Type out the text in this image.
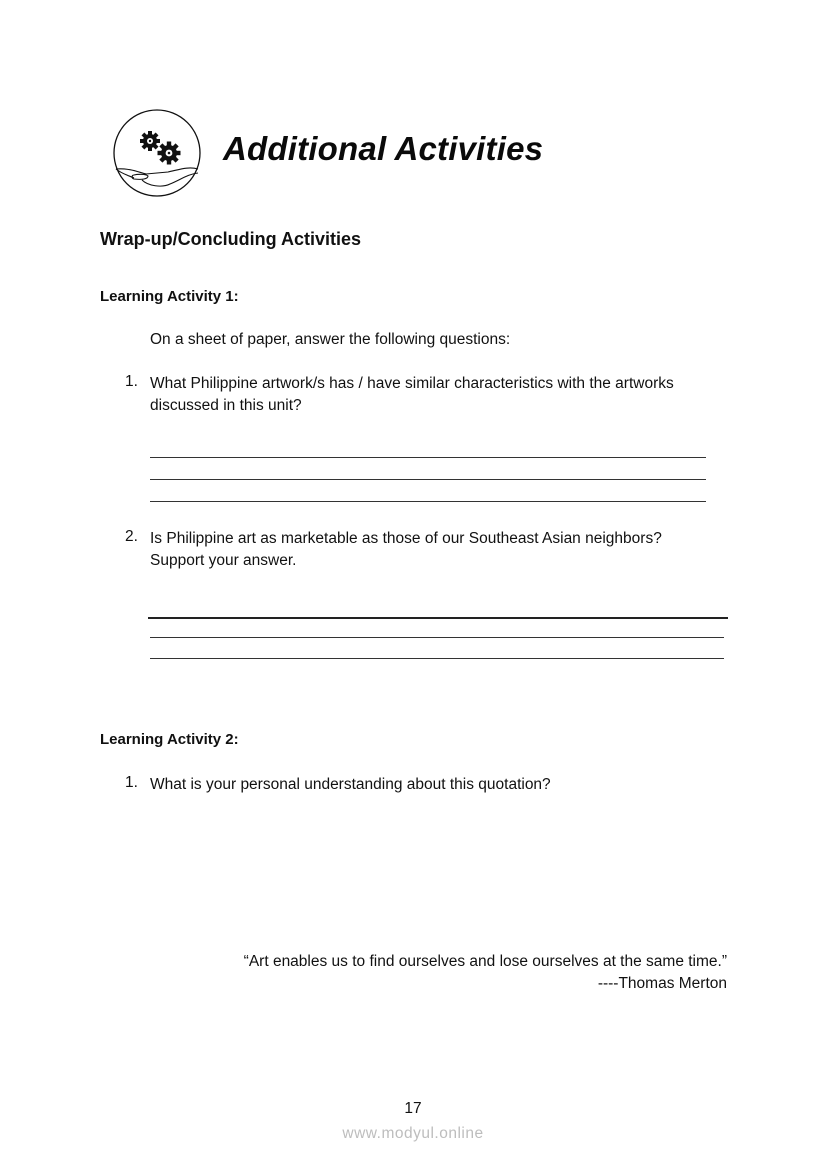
Additional Activities
Wrap-up/Concluding Activities
Learning Activity 1:
On a sheet of paper, answer the following questions:
1. What Philippine artwork/s has / have similar characteristics with the artworks
discussed in this unit?
2. Is Philippine art as marketable as those of our Southeast Asian neighbors?
Support your answer.
Learning Activity 2:
1. What is your personal understanding about this quotation?
“Art enables us to find ourselves and lose ourselves at the same time.”
----Thomas Merton
17
www.modyul.online
